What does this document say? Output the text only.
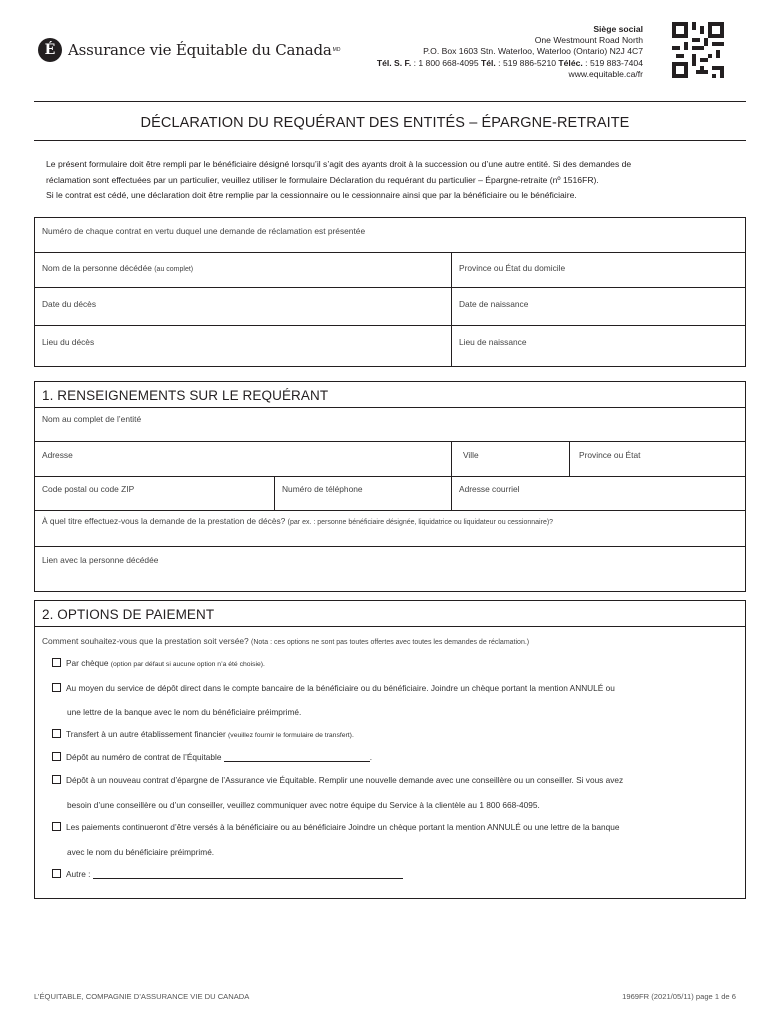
É Assurance vie Équitable du Canada MD
Siège social
One Westmount Road North
P.O. Box 1603 Stn. Waterloo, Waterloo (Ontario) N2J 4C7
Tél. S. F. : 1 800 668-4095 Tél. : 519 886-5210 Téléc. : 519 883-7404
www.equitable.ca/fr
DÉCLARATION DU REQUÉRANT DES ENTITÉS – ÉPARGNE-RETRAITE
Le présent formulaire doit être rempli par le bénéficiaire désigné lorsqu’il s’agit des ayants droit à la succession ou d’une autre entité. Si des demandes de
réclamation sont effectuées par un particulier, veuillez utiliser le formulaire Déclaration du requérant du particulier – Épargne-retraite (nº 1516FR).
Si le contrat est cédé, une déclaration doit être remplie par la cessionnaire ou le cessionnaire ainsi que par la bénéficiaire ou le bénéficiaire.
Numéro de chaque contrat en vertu duquel une demande de réclamation est présentée
Nom de la personne décédée (au complet)	Province ou État du domicile
Date du décès	Date de naissance
Lieu du décès	Lieu de naissance
1. RENSEIGNEMENTS SUR LE REQUÉRANT
Nom au complet de l’entité
Adresse	Ville	Province ou État
Code postal ou code ZIP	Numéro de téléphone	Adresse courriel
À quel titre effectuez-vous la demande de la prestation de décès? (par ex. : personne bénéficiaire désignée, liquidatrice ou liquidateur ou cessionnaire)?
Lien avec la personne décédée
2. OPTIONS DE PAIEMENT
Comment souhaitez-vous que la prestation soit versée? (Nota : ces options ne sont pas toutes offertes avec toutes les demandes de réclamation.)
Par chèque (option par défaut si aucune option n’a été choisie).
Au moyen du service de dépôt direct dans le compte bancaire de la bénéficiaire ou du bénéficiaire. Joindre un chèque portant la mention ANNULÉ ou
une lettre de la banque avec le nom du bénéficiaire préimprimé.
Transfert à un autre établissement financier (veuillez fournir le formulaire de transfert).
Dépôt au numéro de contrat de l’Équitable	.
Dépôt à un nouveau contrat d’épargne de l’Assurance vie Équitable. Remplir une nouvelle demande avec une conseillère ou un conseiller. Si vous avez
besoin d’une conseillère ou d’un conseiller, veuillez communiquer avec notre équipe du Service à la clientèle au 1 800 668-4095.
Les paiements continueront d’être versés à la bénéficiaire ou au bénéficiaire Joindre un chèque portant la mention ANNULÉ ou une lettre de la banque
avec le nom du bénéficiaire préimprimé.
Autre :
L’ÉQUITABLE, COMPAGNIE D’ASSURANCE VIE DU CANADA	1969FR (2021/05/11) page 1 de 6
